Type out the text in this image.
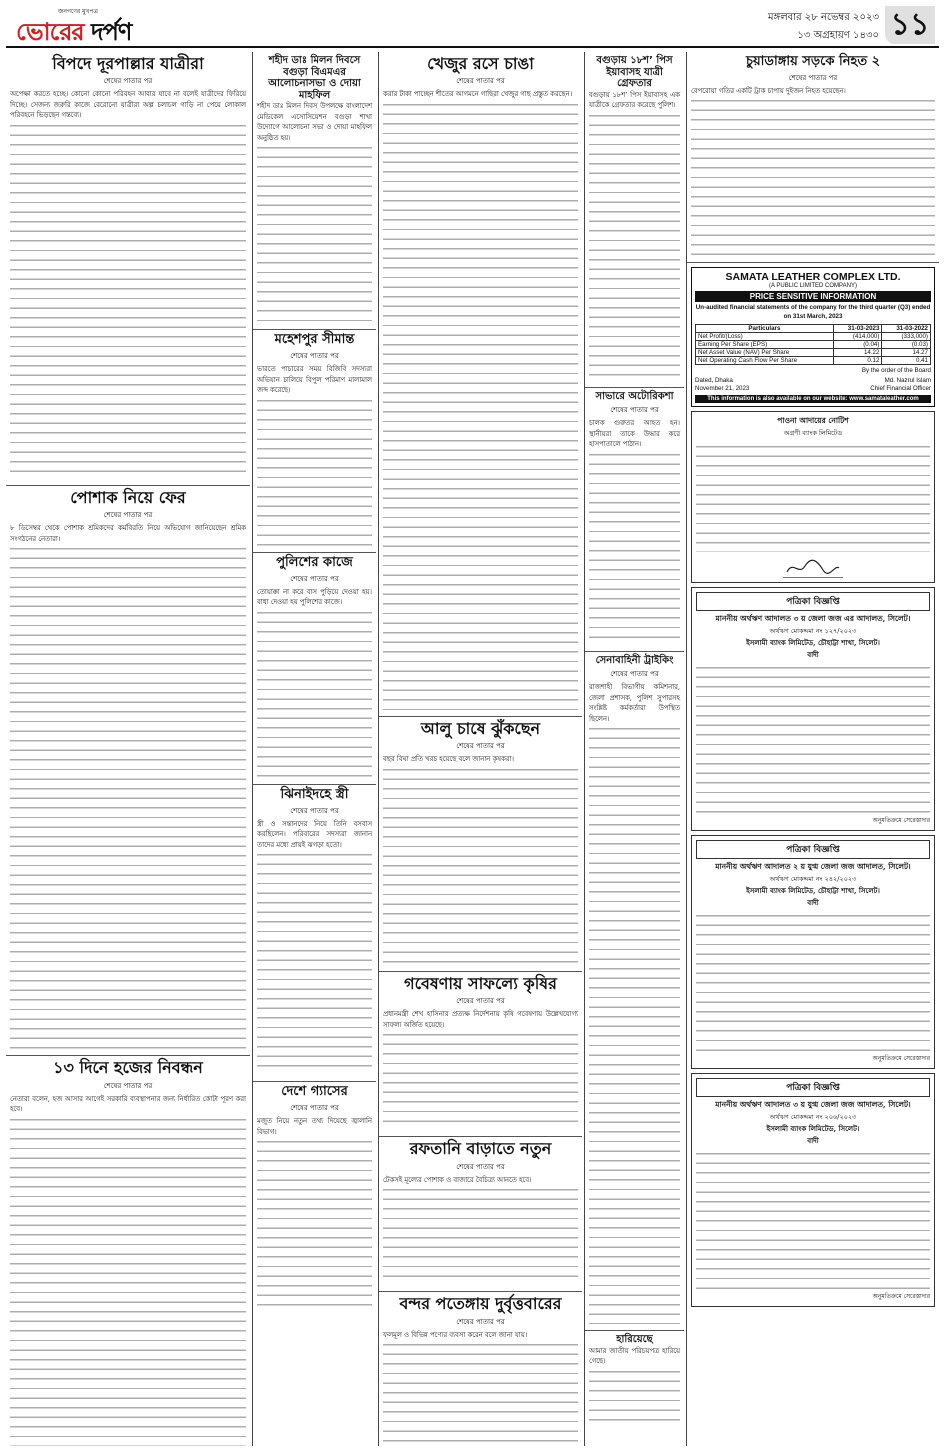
জনগণের মুখপত্র
ভোরের দর্পণ	মঙ্গলবার ২৮ নভেম্বর ২০২৩
১৩ অগ্রহায়ণ ১৪৩০ ১১
বিপদে দূরপাল্লার যাত্রীরা
শেষের পাতার পর

অপেক্ষা করতে হচ্ছে। কোনো কোনো পরিবহন আবার যাবে না বলেই যাত্রীদের ফিরিয়ে দিচ্ছে। সেজন্য জরুরি কাজে বেরোনো যাত্রীরা অল্প চলাচল গাড়ি না পেয়ে লোকাল পরিবহনে ভিড়ছেন গন্তব্যে।

পোশাক নিয়ে ফের
শেষের পাতার পর

৮ ডিসেম্বর থেকে পোশাক শ্রমিকদের কর্মবিরতি নিয়ে অভিযোগ জানিয়েছেন শ্রমিক সংগঠনের নেতারা।

১৩ দিনে হজের নিবন্ধন
শেষের পাতার পর

নেতারা বলেন, হজ আসার আগেই সরকারি ব্যবস্থাপনার জন্য নির্ধারিত কোটা পূরণ করা হবে।

শহীদ ডাঃ মিলন দিবসে বগুড়া বিএমএর আলোচনাসভা ও দোয়া মাহফিল

শহীদ ডাঃ মিলন দিবস উপলক্ষে বাংলাদেশ মেডিকেল এসোসিয়েশন বগুড়া শাখা উদ্যোগে আলোচনা সভা ও দোয়া মাহফিল অনুষ্ঠিত হয়।

মহেশপুর সীমান্ত
শেষের পাতার পর

ভারতে পাচারের সময় বিজিবি সদস্যরা অভিযান চালিয়ে বিপুল পরিমাণ মালামাল জব্দ করেছে।

পুলিশের কাজে
শেষের পাতার পর

তোয়াক্কা না করে বাস পুড়িয়ে দেওয়া হয়। বাধা দেওয়া হয় পুলিশের কাজে।

ঝিনাইদহে স্ত্রী
শেষের পাতার পর

স্ত্রী ও সন্তানদের নিয়ে তিনি বসবাস করছিলেন। পরিবারের সদস্যরা জানান তাদের মধ্যে প্রায়ই ঝগড়া হতো।

দেশে গ্যাসের
শেষের পাতার পর

মজুত নিয়ে নতুন তথ্য দিয়েছে জ্বালানি বিভাগ।

খেজুর রসে চাঙা
শেষের পাতার পর

করার টাকা পাচ্ছেন শীতের আগমনে গাছিরা খেজুর গাছ প্রস্তুত করছেন।

আলু চাষে ঝুঁকছেন
শেষের পাতার পর

বছর বিঘা প্রতি খরচ হয়েছে বলে জানান কৃষকরা।

গবেষণায় সাফল্যে কৃষির
শেষের পাতার পর

প্রধানমন্ত্রী শেখ হাসিনার প্রত্যক্ষ নির্দেশনায় কৃষি গবেষণায় উল্লেখযোগ্য সাফল্য অর্জিত হয়েছে।

রফতানি বাড়াতে নতুন
শেষের পাতার পর

টেকসই মূল্যের পোশাক ও বাজারে বৈচিত্র্য আনতে হবে।

বন্দর পতেঙ্গায় দুর্বৃত্তবারের
শেষের পাতার পর

ফলমূল ও বিভিন্ন পণ্যের ব্যবসা করেন বলে জানা যায়।

বগুড়ায় ১৮শ’ পিস ইয়াবাসহ যাত্রী গ্রেফতার

বগুড়ায় ১৮শ’ পিস ইয়াবাসহ এক যাত্রীকে গ্রেফতার করেছে পুলিশ।

সাভারে অটোরিকশা
শেষের পাতার পর

চালক গুরুতর আহত হন। স্থানীয়রা তাকে উদ্ধার করে হাসপাতালে পাঠান।

সেনাবাহিনী ট্রাইকিং
শেষের পাতার পর

রাজশাহী বিভাগীয় কমিশনার, জেলা প্রশাসক, পুলিশ সুপারসহ সংশ্লিষ্ট কর্মকর্তারা উপস্থিত ছিলেন।

হারিয়েছে

আমার জাতীয় পরিচয়পত্র হারিয়ে গেছে।

চুয়াডাঙ্গায় সড়কে নিহত ২
শেষের পাতার পর

বেপরোয়া গতির একটি ট্রাক চাপায় দুইজন নিহত হয়েছেন।

SAMATA LEATHER COMPLEX LTD.
(A PUBLIC LIMITED COMPANY)
PRICE SENSITIVE INFORMATION
Un-audited financial statements of the company for the third quarter (Q3) ended on 31st March, 2023
Particulars	31-03-2023	31-03-2022
Net Profit/(Loss)	(414,000)	(333,000)
Earning Per Share (EPS)	(0.04)	(0.03)
Net Asset Value (NAV) Per Share	14.22	14.27
Net Operating Cash Flow Per Share	0.12	0.41
By the order of the Board
Dated, Dhaka
November 21, 2023
Md. Nazrul Islam
Chief Financial Officer
This information is also available on our website: www.samataleather.com
পাওনা আদায়ের নোটিশ
অগ্রণী ব্যাংক লিমিটেড
পত্রিকা বিজ্ঞপ্তি
মাননীয় অর্থঋণ আদালত ৩ য় জেলা জজ এর আদালত, সিলেট।
অর্থঋণ মোকদ্দমা নং ১২৭/২০২৩
ইসলামী ব্যাংক লিমিটেড, চৌহাট্টা শাখা, সিলেট।
বাদী
অনুমতিক্রমে সেরেস্তাদার
পত্রিকা বিজ্ঞপ্তি
মাননীয় অর্থঋণ আদালত ২ য় যুগ্ম জেলা জজ আদালত, সিলেট।
অর্থঋণ মোকদ্দমা নং ২৪২/২০২৩
ইসলামী ব্যাংক লিমিটেড, চৌহাট্টা শাখা, সিলেট।
বাদী
অনুমতিক্রমে সেরেস্তাদার
পত্রিকা বিজ্ঞপ্তি
মাননীয় অর্থঋণ আদালত ৩ য় যুগ্ম জেলা জজ আদালত, সিলেট।
অর্থঋণ মোকদ্দমা নং ২০৬/২০২৩
ইসলামী ব্যাংক লিমিটেড, সিলেট।
বাদী
অনুমতিক্রমে সেরেস্তাদার
